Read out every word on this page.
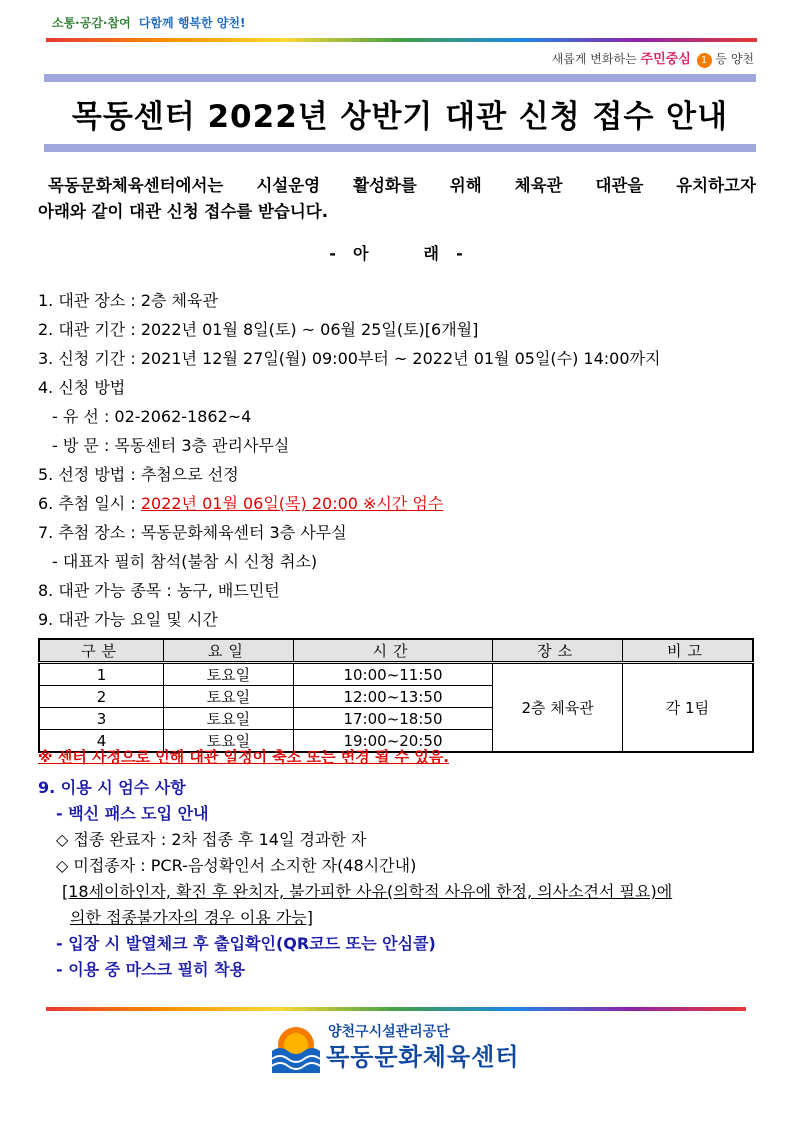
소통·공감·참여 다함께 행복한 양천!
새롭게 변화하는 주민중심 1 등 양천
목동센터 2022년 상반기 대관 신청 접수 안내
목동문화체육센터에서는 시설운영 활성화를 위해 체육관 대관을 유치하고자
아래와 같이 대관 신청 접수를 받습니다.
-  아       래  -
1. 대관 장소 : 2층 체육관
2. 대관 기간 : 2022년 01월 8일(토) ~ 06월 25일(토)[6개월]
3. 신청 기간 : 2021년 12월 27일(월) 09:00부터 ~ 2022년 01월 05일(수) 14:00까지
4. 신청 방법
- 유 선 : 02-2062-1862~4
- 방 문 : 목동센터 3층 관리사무실
5. 선정 방법 : 추첨으로 선정
6. 추첨 일시 : 2022년 01월 06일(목) 20:00 ※시간 엄수
7. 추첨 장소 : 목동문화체육센터 3층 사무실
- 대표자 필히 참석(불참 시 신청 취소)
8. 대관 가능 종목 : 농구, 배드민턴
9. 대관 가능 요일 및 시간
구분	요일	시간	장소	비고
1	토요일	10:00~11:50	2층 체육관	각 1팀
2	토요일	12:00~13:50		
3	토요일	17:00~18:50		
4	토요일	19:00~20:50		
※ 센터 사정으로 인해 대관 일정이 축소 또는 변경 될 수 있음.
9. 이용 시 엄수 사항
- 백신 패스 도입 안내
◇ 접종 완료자 : 2차 접종 후 14일 경과한 자
◇ 미접종자 : PCR-음성확인서 소지한 자(48시간내)
[18세이하인자, 확진 후 완치자, 불가피한 사유(의학적 사유에 한정, 의사소견서 필요)에
의한 접종불가자의 경우 이용 가능]
- 입장 시 발열체크 후 출입확인(QR코드 또는 안심콜)
- 이용 중 마스크 필히 착용
양천구시설관리공단
목동문화체육센터
